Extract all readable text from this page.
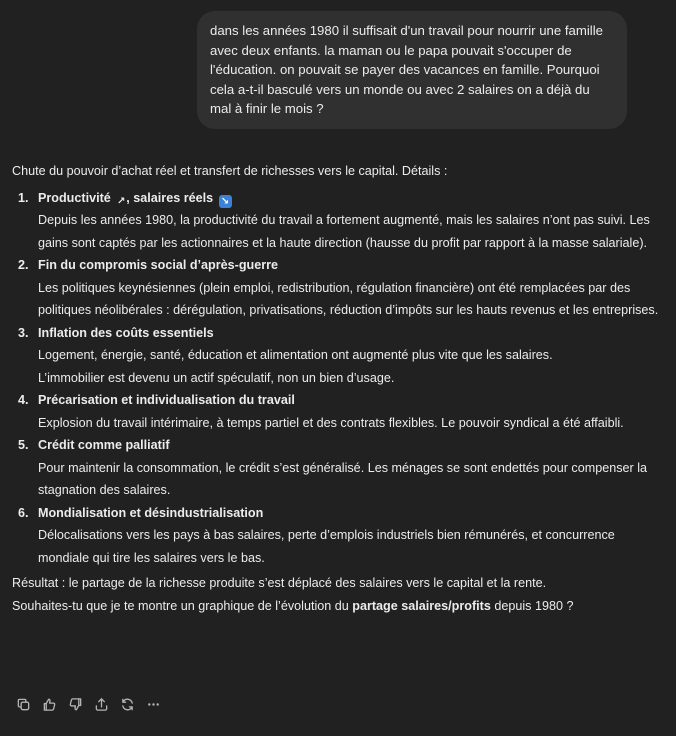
dans les années 1980 il suffisait d'un travail pour nourrir une famille avec deux enfants. la maman ou le papa pouvait s'occuper de l'éducation. on pouvait se payer des vacances en famille. Pourquoi cela a-t-il basculé vers un monde ou avec 2 salaires on a déjà du mal à finir le mois ?

Chute du pouvoir d’achat réel et transfert de richesses vers le capital. Détails :

1. Productivité ↗, salaires réels ↘
Depuis les années 1980, la productivité du travail a fortement augmenté, mais les salaires n’ont pas suivi. Les gains sont captés par les actionnaires et la haute direction (hausse du profit par rapport à la masse salariale).
2. Fin du compromis social d’après-guerre
Les politiques keynésiennes (plein emploi, redistribution, régulation financière) ont été remplacées par des politiques néolibérales : dérégulation, privatisations, réduction d’impôts sur les hauts revenus et les entreprises.
3. Inflation des coûts essentiels
Logement, énergie, santé, éducation et alimentation ont augmenté plus vite que les salaires.
L’immobilier est devenu un actif spéculatif, non un bien d’usage.
4. Précarisation et individualisation du travail
Explosion du travail intérimaire, à temps partiel et des contrats flexibles. Le pouvoir syndical a été affaibli.
5. Crédit comme palliatif
Pour maintenir la consommation, le crédit s’est généralisé. Les ménages se sont endettés pour compenser la stagnation des salaires.
6. Mondialisation et désindustrialisation
Délocalisations vers les pays à bas salaires, perte d’emplois industriels bien rémunérés, et concurrence mondiale qui tire les salaires vers le bas.

Résultat : le partage de la richesse produite s’est déplacé des salaires vers le capital et la rente.

Souhaites-tu que je te montre un graphique de l’évolution du partage salaires/profits depuis 1980 ?
